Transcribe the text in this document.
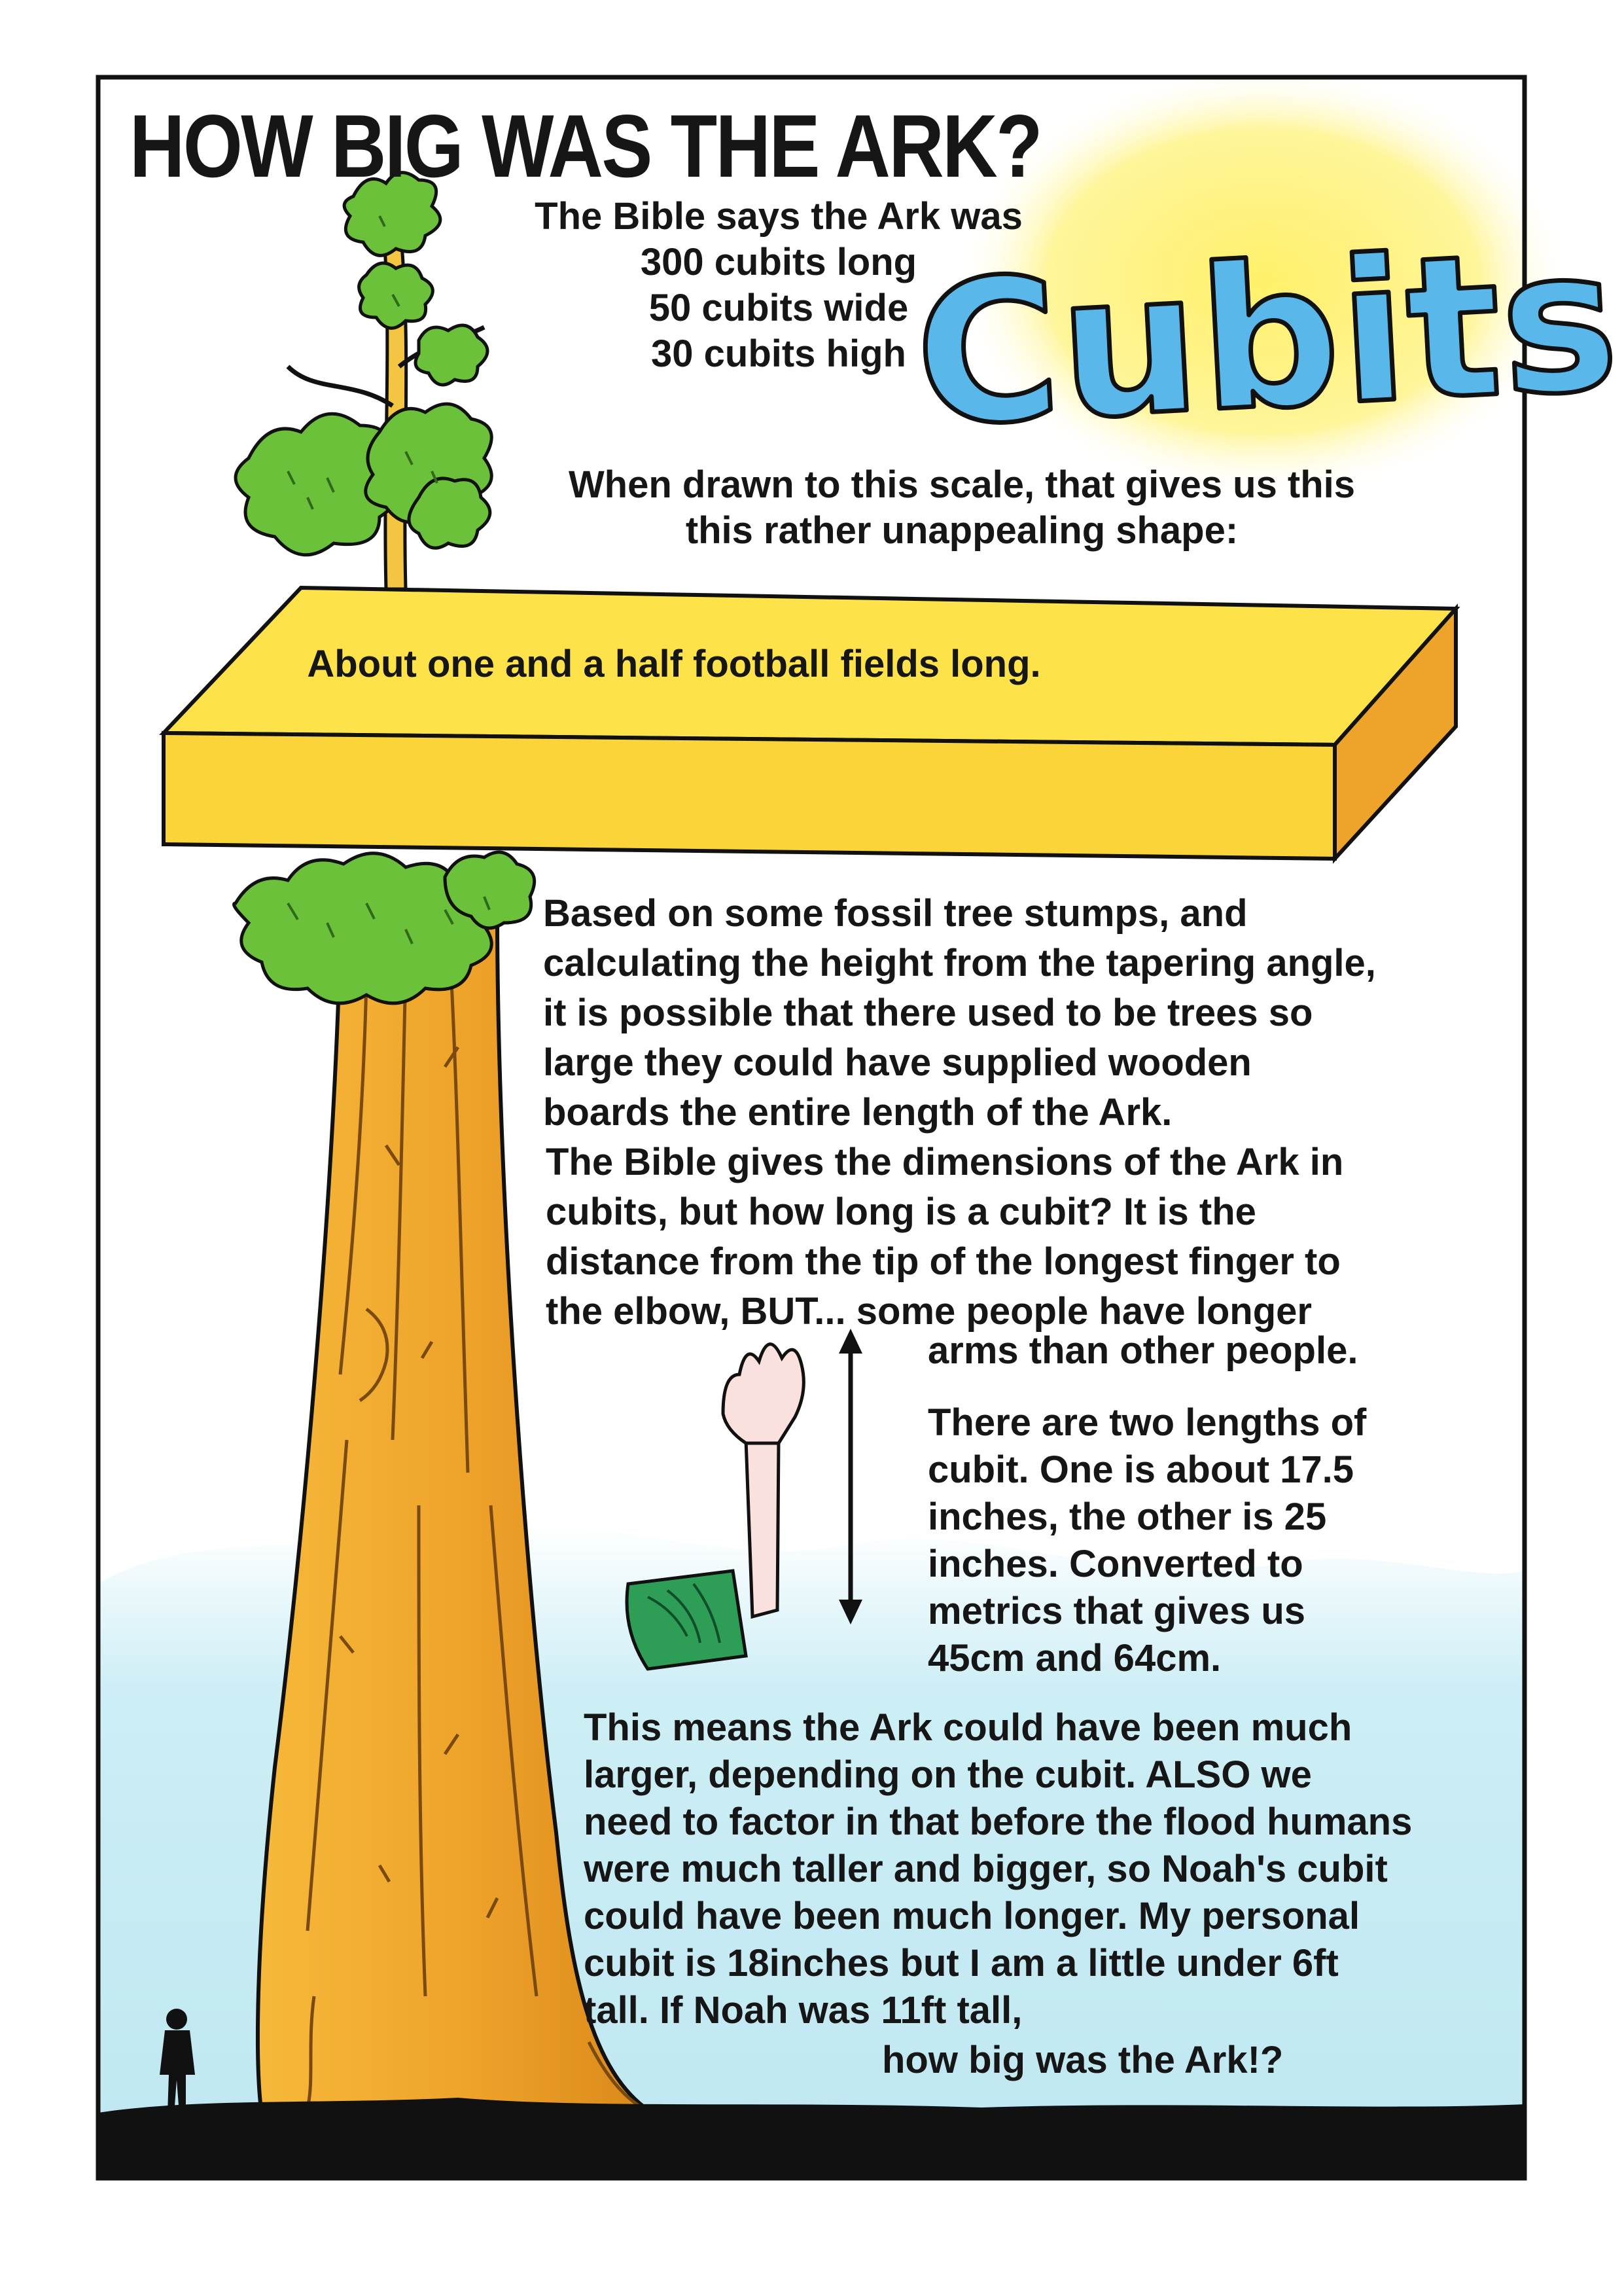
Cubits
HOW BIG WAS THE ARK?
The Bible says the Ark was
300 cubits long
50 cubits wide
30 cubits high
When drawn to this scale, that gives us this
this rather unappealing shape:
About one and a half football fields long.
Based on some fossil tree stumps, and
calculating the height from the tapering angle,
it is possible that there used to be trees so
large they could have supplied wooden
boards the entire length of the Ark.
The Bible gives the dimensions of the Ark in
cubits, but how long is a cubit? It is the
distance from the tip of the longest finger to
the elbow, BUT... some people have longer
arms than other people.
There are two lengths of
cubit. One is about 17.5
inches, the other is 25
inches. Converted to
metrics that gives us
45cm and 64cm.
This means the Ark could have been much
larger, depending on the cubit. ALSO we
need to factor in that before the flood humans
were much taller and bigger, so Noah's cubit
could have been much longer. My personal
cubit is 18inches but I am a little under 6ft
tall. If Noah was 11ft tall,
how big was the Ark!?
